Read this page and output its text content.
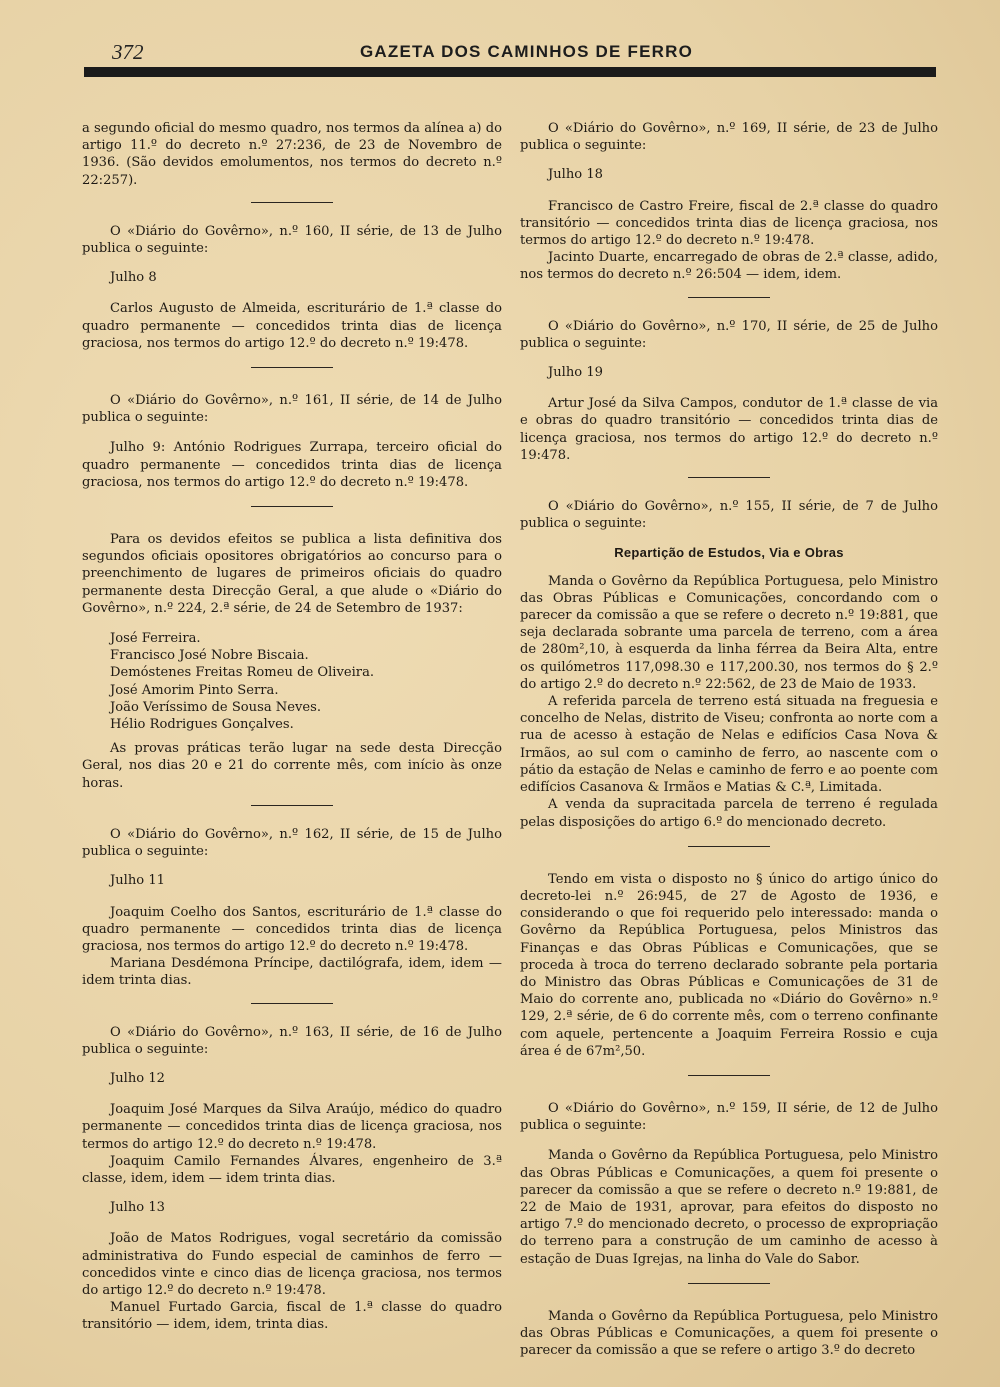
372	GAZETA DOS CAMINHOS DE FERRO

a segundo oficial do mesmo quadro, nos termos da alínea a) do artigo 11.º do decreto n.º 27:236, de 23 de Novembro de 1936. (São devidos emolumentos, nos termos do decreto n.º 22:257).

O «Diário do Govêrno», n.º 160, II série, de 13 de Julho publica o seguinte:

Julho 8

Carlos Augusto de Almeida, escriturário de 1.ª classe do quadro permanente — concedidos trinta dias de licença graciosa, nos termos do artigo 12.º do decreto n.º 19:478.

O «Diário do Govêrno», n.º 161, II série, de 14 de Julho publica o seguinte:

Julho 9: António Rodrigues Zurrapa, terceiro oficial do quadro permanente — concedidos trinta dias de licença graciosa, nos termos do artigo 12.º do decreto n.º 19:478.

Para os devidos efeitos se publica a lista definitiva dos segundos oficiais opositores obrigatórios ao concurso para o preenchimento de lugares de primeiros oficiais do quadro permanente desta Direcção Geral, a que alude o «Diário do Govêrno», n.º 224, 2.ª série, de 24 de Setembro de 1937:

José Ferreira.
Francisco José Nobre Biscaia.
Demóstenes Freitas Romeu de Oliveira.
José Amorim Pinto Serra.
João Veríssimo de Sousa Neves.
Hélio Rodrigues Gonçalves.

As provas práticas terão lugar na sede desta Direcção Geral, nos dias 20 e 21 do corrente mês, com início às onze horas.

O «Diário do Govêrno», n.º 162, II série, de 15 de Julho publica o seguinte:

Julho 11

Joaquim Coelho dos Santos, escriturário de 1.ª classe do quadro permanente — concedidos trinta dias de licença graciosa, nos termos do artigo 12.º do decreto n.º 19:478.

Mariana Desdémona Príncipe, dactilógrafa, idem, idem — idem trinta dias.

O «Diário do Govêrno», n.º 163, II série, de 16 de Julho publica o seguinte:

Julho 12

Joaquim José Marques da Silva Araújo, médico do quadro permanente — concedidos trinta dias de licença graciosa, nos termos do artigo 12.º do decreto n.º 19:478.

Joaquim Camilo Fernandes Álvares, engenheiro de 3.ª classe, idem, idem — idem trinta dias.

Julho 13

João de Matos Rodrigues, vogal secretário da comissão administrativa do Fundo especial de caminhos de ferro — concedidos vinte e cinco dias de licença graciosa, nos termos do artigo 12.º do decreto n.º 19:478.

Manuel Furtado Garcia, fiscal de 1.ª classe do quadro transitório — idem, idem, trinta dias.

O «Diário do Govêrno», n.º 169, II série, de 23 de Julho publica o seguinte:

Julho 18

Francisco de Castro Freire, fiscal de 2.ª classe do quadro transitório — concedidos trinta dias de licença graciosa, nos termos do artigo 12.º do decreto n.º 19:478.

Jacinto Duarte, encarregado de obras de 2.ª classe, adido, nos termos do decreto n.º 26:504 — idem, idem.

O «Diário do Govêrno», n.º 170, II série, de 25 de Julho publica o seguinte:

Julho 19

Artur José da Silva Campos, condutor de 1.ª classe de via e obras do quadro transitório — concedidos trinta dias de licença graciosa, nos termos do artigo 12.º do decreto n.º 19:478.

O «Diário do Govêrno», n.º 155, II série, de 7 de Julho publica o seguinte:

Repartição de Estudos, Via e Obras

Manda o Govêrno da República Portuguesa, pelo Ministro das Obras Públicas e Comunicações, concordando com o parecer da comissão a que se refere o decreto n.º 19:881, que seja declarada sobrante uma parcela de terreno, com a área de 280m²,10, à esquerda da linha férrea da Beira Alta, entre os quilómetros 117,098.30 e 117,200.30, nos termos do § 2.º do artigo 2.º do decreto n.º 22:562, de 23 de Maio de 1933.

A referida parcela de terreno está situada na freguesia e concelho de Nelas, distrito de Viseu; confronta ao norte com a rua de acesso à estação de Nelas e edifícios Casa Nova & Irmãos, ao sul com o caminho de ferro, ao nascente com o pátio da estação de Nelas e caminho de ferro e ao poente com edifícios Casanova & Irmãos e Matias & C.ª, Limitada.

A venda da supracitada parcela de terreno é regulada pelas disposições do artigo 6.º do mencionado decreto.

Tendo em vista o disposto no § único do artigo único do decreto-lei n.º 26:945, de 27 de Agosto de 1936, e considerando o que foi requerido pelo interessado: manda o Govêrno da República Portuguesa, pelos Ministros das Finanças e das Obras Públicas e Comunicações, que se proceda à troca do terreno declarado sobrante pela portaria do Ministro das Obras Públicas e Comunicações de 31 de Maio do corrente ano, publicada no «Diário do Govêrno» n.º 129, 2.ª série, de 6 do corrente mês, com o terreno confinante com aquele, pertencente a Joaquim Ferreira Rossio e cuja área é de 67m²,50.

O «Diário do Govêrno», n.º 159, II série, de 12 de Julho publica o seguinte:

Manda o Govêrno da República Portuguesa, pelo Ministro das Obras Públicas e Comunicações, a quem foi presente o parecer da comissão a que se refere o decreto n.º 19:881, de 22 de Maio de 1931, aprovar, para efeitos do disposto no artigo 7.º do mencionado decreto, o processo de expropriação do terreno para a construção de um caminho de acesso à estação de Duas Igrejas, na linha do Vale do Sabor.

Manda o Govêrno da República Portuguesa, pelo Ministro das Obras Públicas e Comunicações, a quem foi presente o parecer da comissão a que se refere o artigo 3.º do decreto
